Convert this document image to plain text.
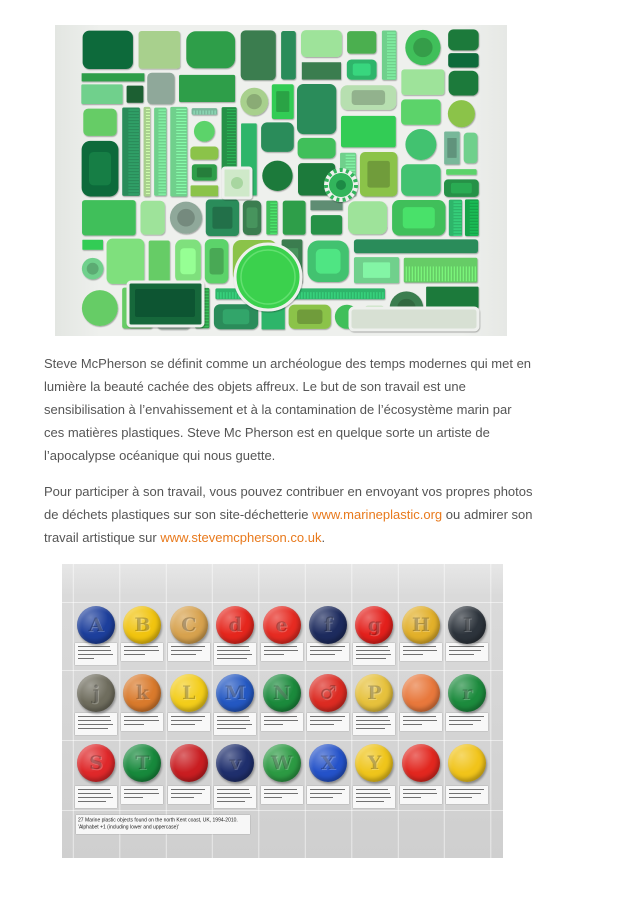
Steve McPherson se définit comme un archéologue des temps modernes qui met en
lumière la beauté cachée des objets affreux. Le but de son travail est une
sensibilisation à l’envahissement et à la contamination de l’écosystème marin par
ces matières plastiques. Steve Mc Pherson est en quelque sorte un artiste de
l’apocalypse océanique qui nous guette.
Pour participer à son travail, vous pouvez contribuer en envoyant vos propres photos
de déchets plastiques sur son site-déchetterie www.marineplastic.org ou admirer son
travail artistique sur www.stevemcpherson.co.uk.
A B C d e f g H I
j k L M N ♂ P	r
S T	v W X Y
27 Marine plastic objects found on the north Kent coast, UK, 1994-2010.
'Alphabet +1 (including lower and uppercase)'
